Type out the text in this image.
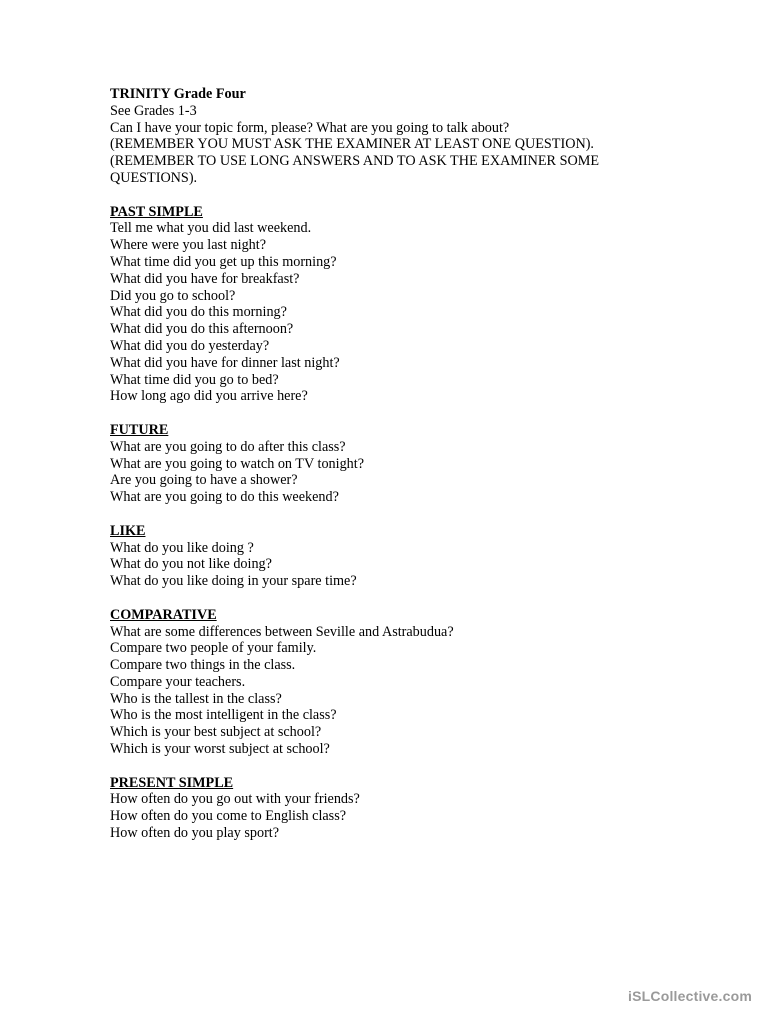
TRINITY Grade Four
See Grades 1-3
Can I have your topic form, please? What are you going to talk about?
(REMEMBER YOU MUST ASK THE EXAMINER AT LEAST ONE QUESTION).
(REMEMBER TO USE LONG ANSWERS AND TO ASK THE EXAMINER SOME
QUESTIONS).
PAST SIMPLE
Tell me what you did last weekend.
Where were you last night?
What time did you get up this morning?
What did you have for breakfast?
Did you go to school?
What did you do this morning?
What did you do this afternoon?
What did you do yesterday?
What did you have for dinner last night?
What time did you go to bed?
How long ago did you arrive here?
FUTURE
What are you going to do after this class?
What are you going to watch on TV tonight?
Are you going to have a shower?
What are you going to do this weekend?
LIKE
What do you like doing ?
What do you not like doing?
What do you like doing in your spare time?
COMPARATIVE
What are some differences between Seville and Astrabudua?
Compare two people of your family.
Compare two things in the class.
Compare your teachers.
Who is the tallest in the class?
Who is the most intelligent in the class?
Which is your best subject at school?
Which is your worst subject at school?
PRESENT SIMPLE
How often do you go out with your friends?
How often do you come to English class?
How often do you play sport?
iSLCollective.com
